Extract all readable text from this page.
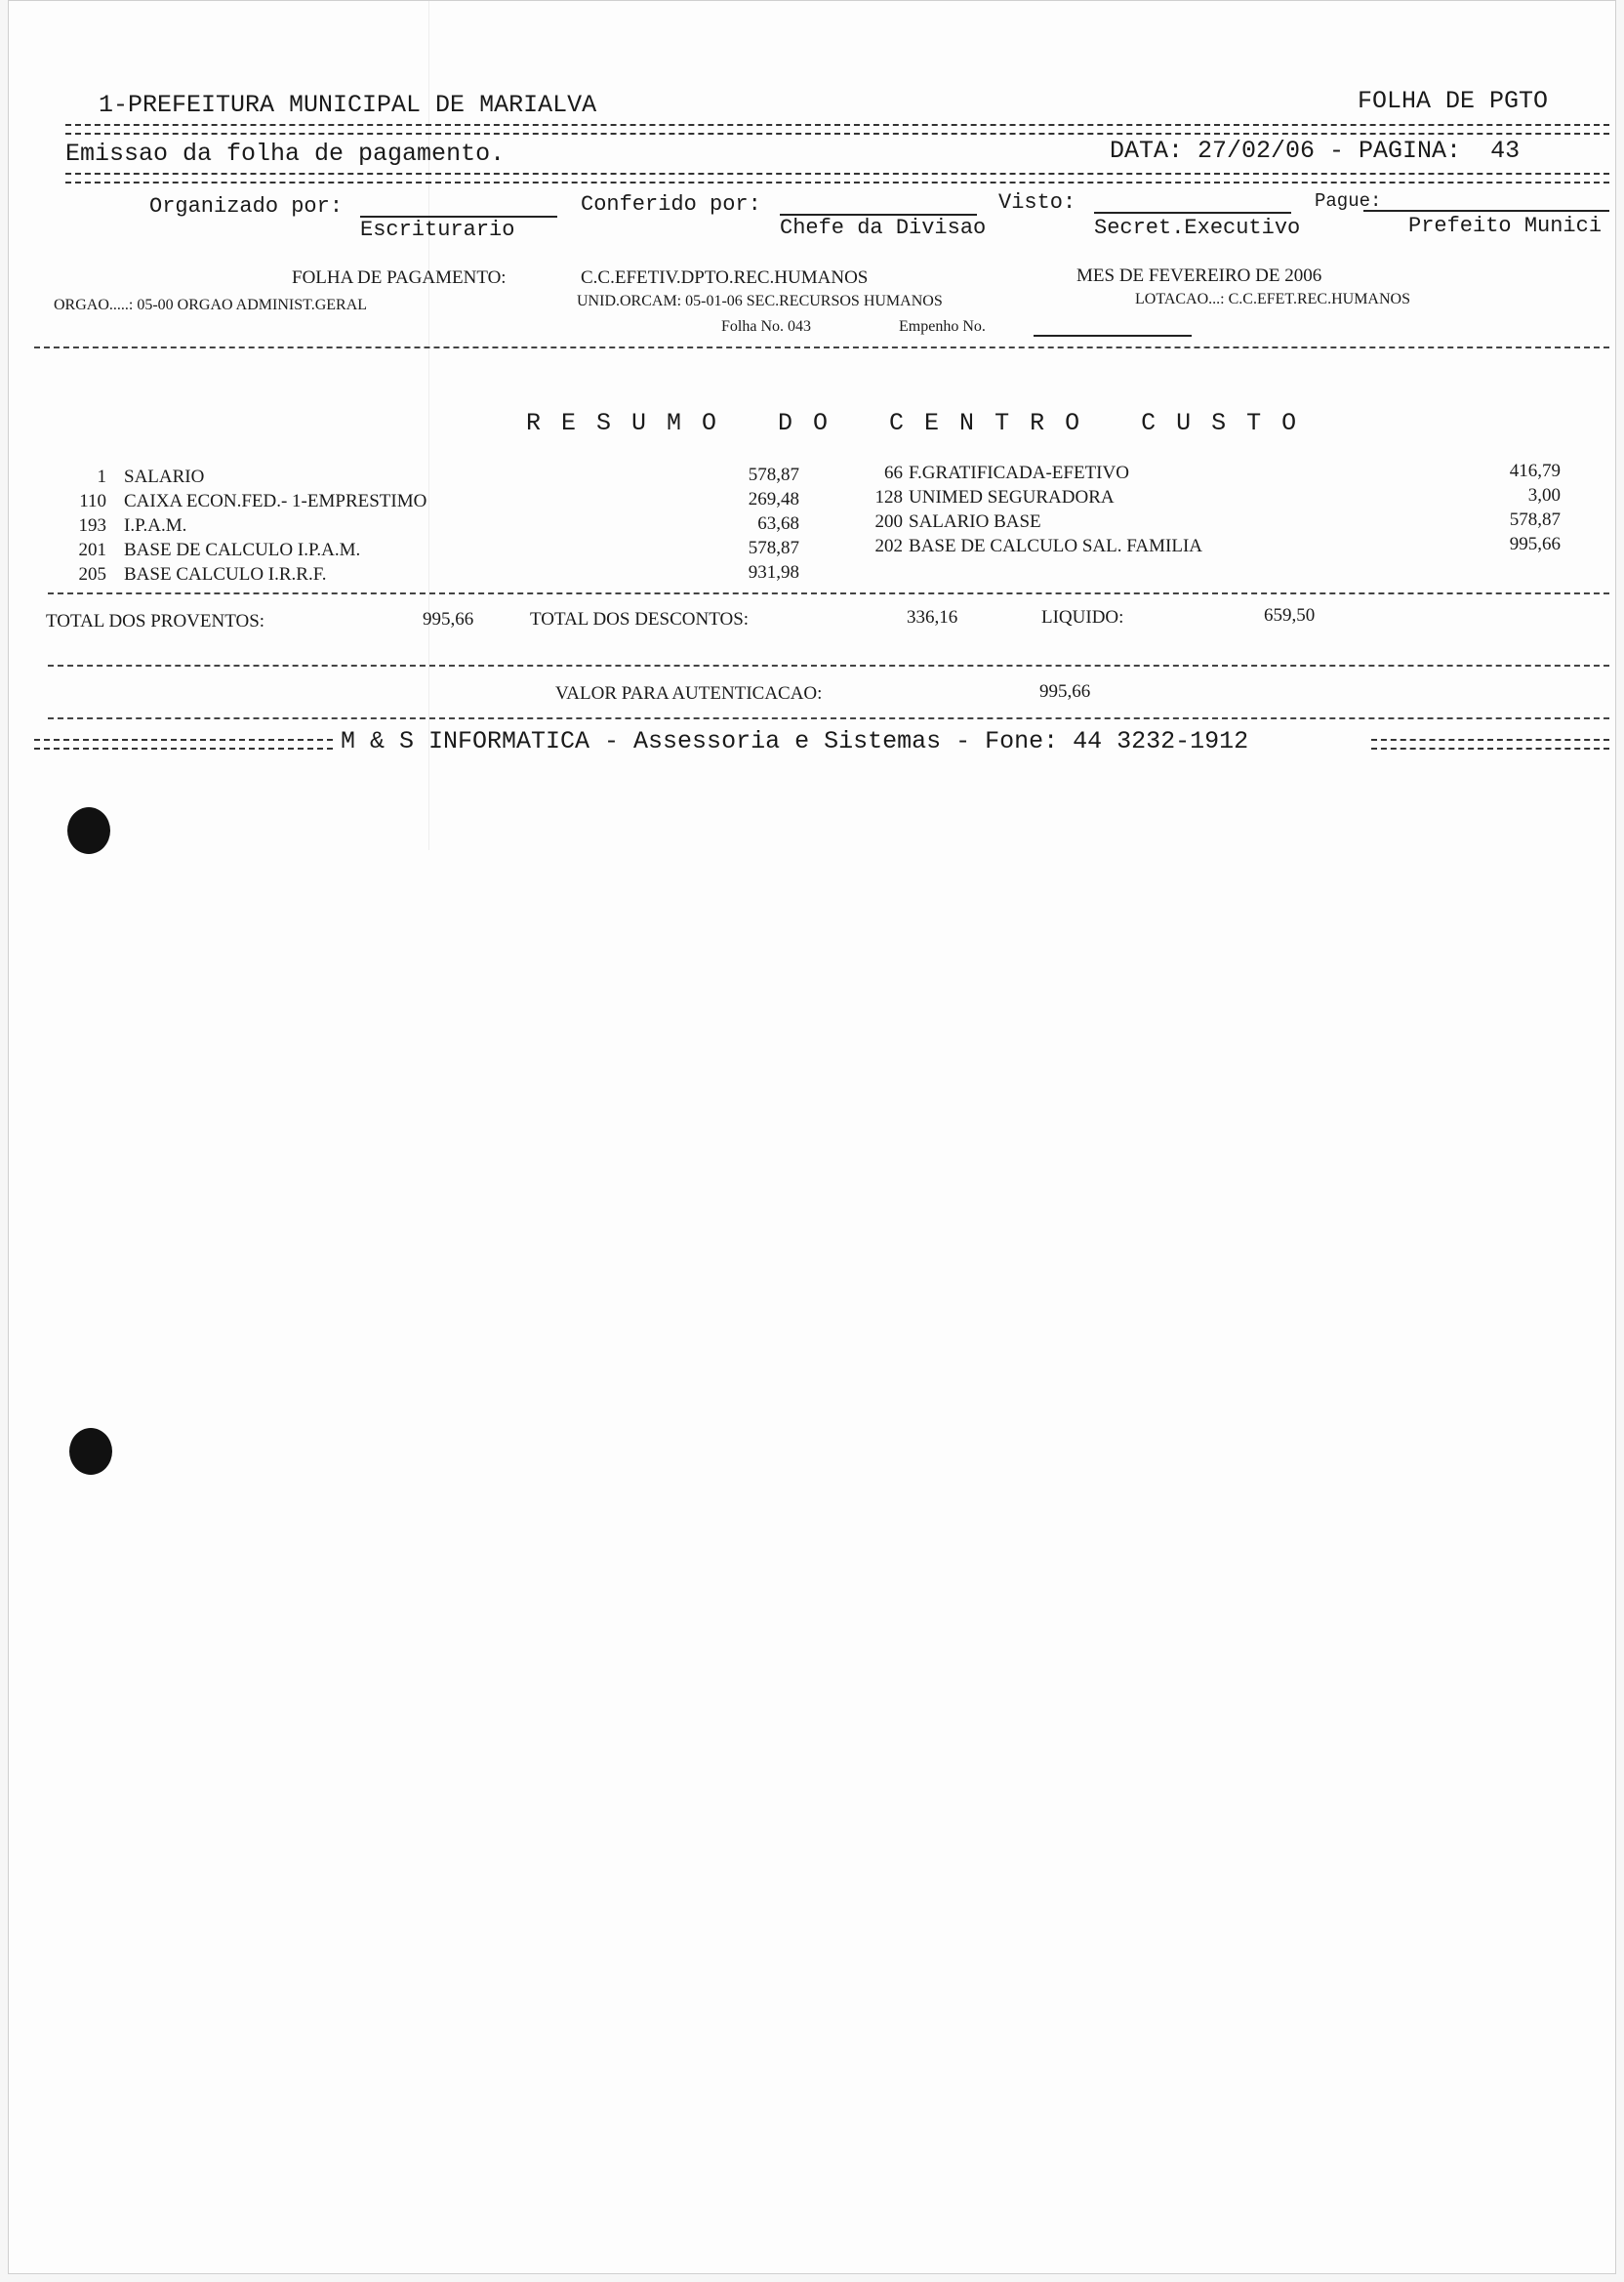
1-PREFEITURA MUNICIPAL DE MARIALVA	FOLHA DE PGTO
Emissao da folha de pagamento.	DATA: 27/02/06 - PAGINA:  43
Organizado por:
Escriturario
Conferido por:
Chefe da Divisao
Visto:
Secret.Executivo
Pague:
Prefeito Munici
FOLHA DE PAGAMENTO:	C.C.EFETIV.DPTO.REC.HUMANOS	MES DE FEVEREIRO DE 2006
ORGAO.....: 05-00 ORGAO ADMINIST.GERAL	UNID.ORCAM: 05-01-06 SEC.RECURSOS HUMANOS	LOTACAO...: C.C.EFET.REC.HUMANOS
Folha No. 043	Empenho No.
R E S U M O   D O   C E N T R O   C U S T O
1 SALARIO	578,87
110 CAIXA ECON.FED.- 1-EMPRESTIMO	269,48
193 I.P.A.M.	63,68
201 BASE DE CALCULO I.P.A.M.	578,87
205 BASE CALCULO I.R.R.F.	931,98
66 F.GRATIFICADA-EFETIVO	416,79
128 UNIMED SEGURADORA	3,00
200 SALARIO BASE	578,87
202 BASE DE CALCULO SAL. FAMILIA	995,66
TOTAL DOS PROVENTOS:	995,66	TOTAL DOS DESCONTOS:	336,16	LIQUIDO:	659,50
VALOR PARA AUTENTICACAO:	995,66
M & S INFORMATICA - Assessoria e Sistemas - Fone: 44 3232-1912
